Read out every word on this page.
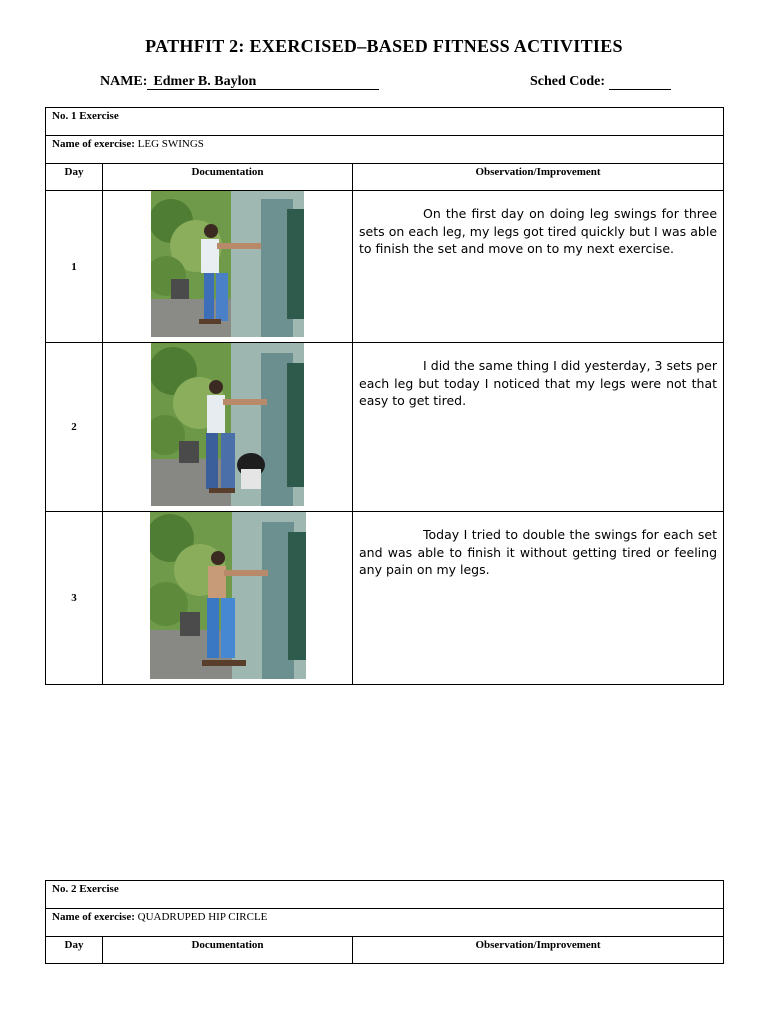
PATHFIT 2: EXERCISED–BASED FITNESS ACTIVITIES
NAME: Edmer B. Baylon	Sched Code:
No. 1 Exercise		
Name of exercise: LEG SWINGS		
Day	Documentation	Observation/Improvement
1		On the first day on doing leg swings for three sets on each leg, my legs got tired quickly but I was able to finish the set and move on to my next exercise.

2		I did the same thing I did yesterday, 3 sets per each leg but today I noticed that my legs were not that easy to get tired.

3		Today I tried to double the swings for each set and was able to finish it without getting tired or feeling any pain on my legs.

No. 2 Exercise
Name of exercise: QUADRUPED HIP CIRCLE
Day	Documentation	Observation/Improvement
